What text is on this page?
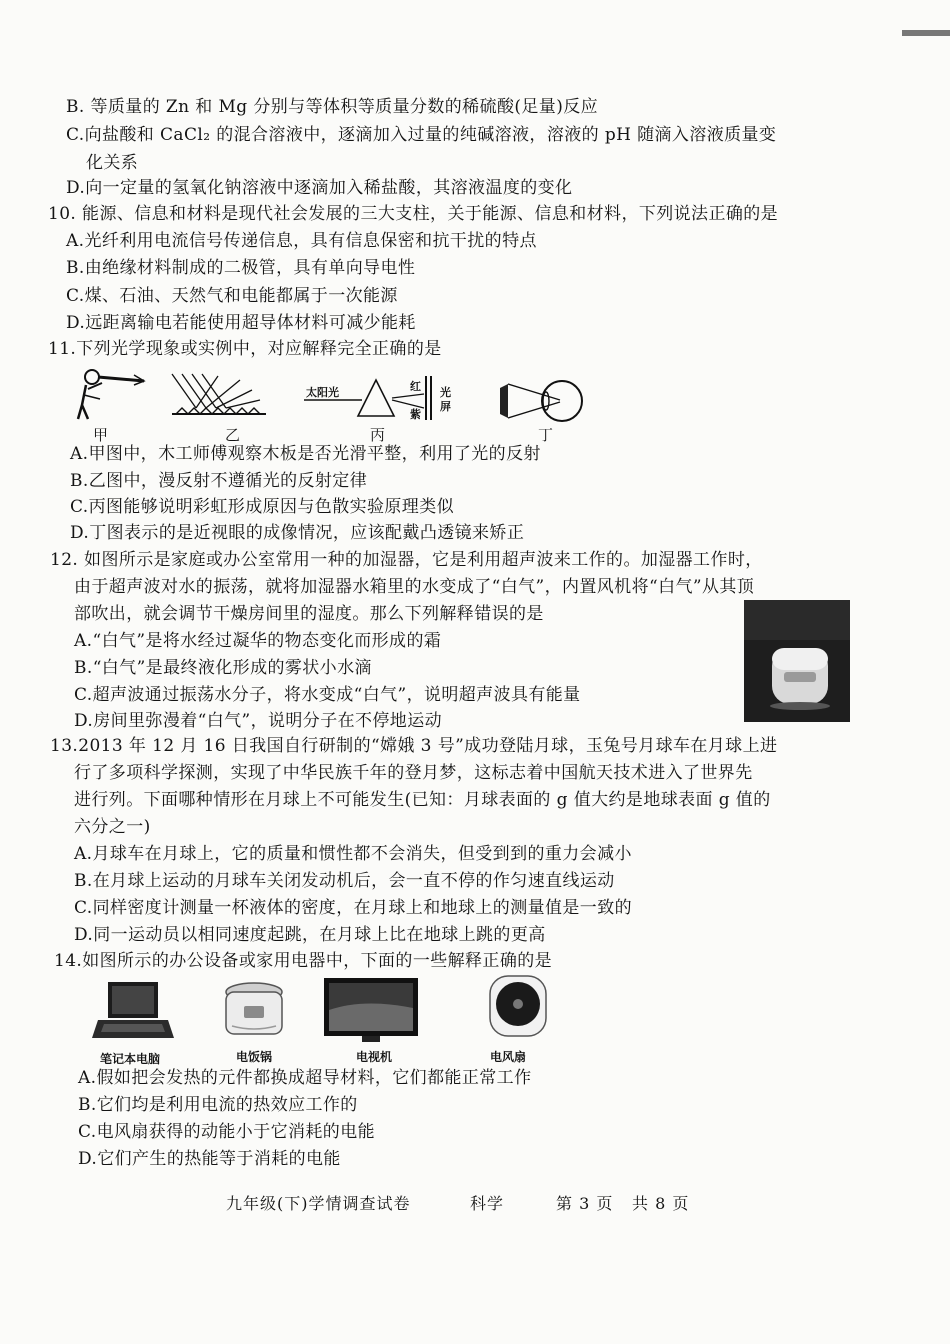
B. 等质量的 Zn 和 Mg 分别与等体积等质量分数的稀硫酸(足量)反应
C.向盐酸和 CaCl₂ 的混合溶液中，逐滴加入过量的纯碱溶液，溶液的 pH 随滴入溶液质量变
化关系
D.向一定量的氢氧化钠溶液中逐滴加入稀盐酸，其溶液温度的变化
10. 能源、信息和材料是现代社会发展的三大支柱，关于能源、信息和材料，下列说法正确的是
A.光纤利用电流信号传递信息，具有信息保密和抗干扰的特点
B.由绝缘材料制成的二极管，具有单向导电性
C.煤、石油、天然气和电能都属于一次能源
D.远距离输电若能使用超导体材料可减少能耗
11.下列光学现象或实例中，对应解释完全正确的是
甲	乙
太阳光	红
紫
光
屏
丙	丁
A.甲图中，木工师傅观察木板是否光滑平整，利用了光的反射
B.乙图中，漫反射不遵循光的反射定律
C.丙图能够说明彩虹形成原因与色散实验原理类似
D.丁图表示的是近视眼的成像情况，应该配戴凸透镜来矫正
12. 如图所示是家庭或办公室常用一种的加湿器，它是利用超声波来工作的。加湿器工作时，
由于超声波对水的振荡，就将加湿器水箱里的水变成了“白气”，内置风机将“白气”从其顶
部吹出，就会调节干燥房间里的湿度。那么下列解释错误的是
A.“白气”是将水经过凝华的物态变化而形成的霜
B.“白气”是最终液化形成的雾状小水滴
C.超声波通过振荡水分子，将水变成“白气”，说明超声波具有能量
D.房间里弥漫着“白气”，说明分子在不停地运动
13.2013 年 12 月 16 日我国自行研制的“嫦娥 3 号”成功登陆月球，玉兔号月球车在月球上进
行了多项科学探测，实现了中华民族千年的登月梦，这标志着中国航天技术进入了世界先
进行列。下面哪种情形在月球上不可能发生(已知：月球表面的 g 值大约是地球表面 g 值的
六分之一)
A.月球车在月球上，它的质量和惯性都不会消失，但受到到的重力会减小
B.在月球上运动的月球车关闭发动机后，会一直不停的作匀速直线运动
C.同样密度计测量一杯液体的密度，在月球上和地球上的测量值是一致的
D.同一运动员以相同速度起跳，在月球上比在地球上跳的更高
14.如图所示的办公设备或家用电器中，下面的一些解释正确的是
笔记本电脑	电饭锅	电视机	电风扇
A.假如把会发热的元件都换成超导材料，它们都能正常工作
B.它们均是利用电流的热效应工作的
C.电风扇获得的动能小于它消耗的电能
D.它们产生的热能等于消耗的电能
九年级(下)学情调查试卷	科学	第 3 页 共 8 页
